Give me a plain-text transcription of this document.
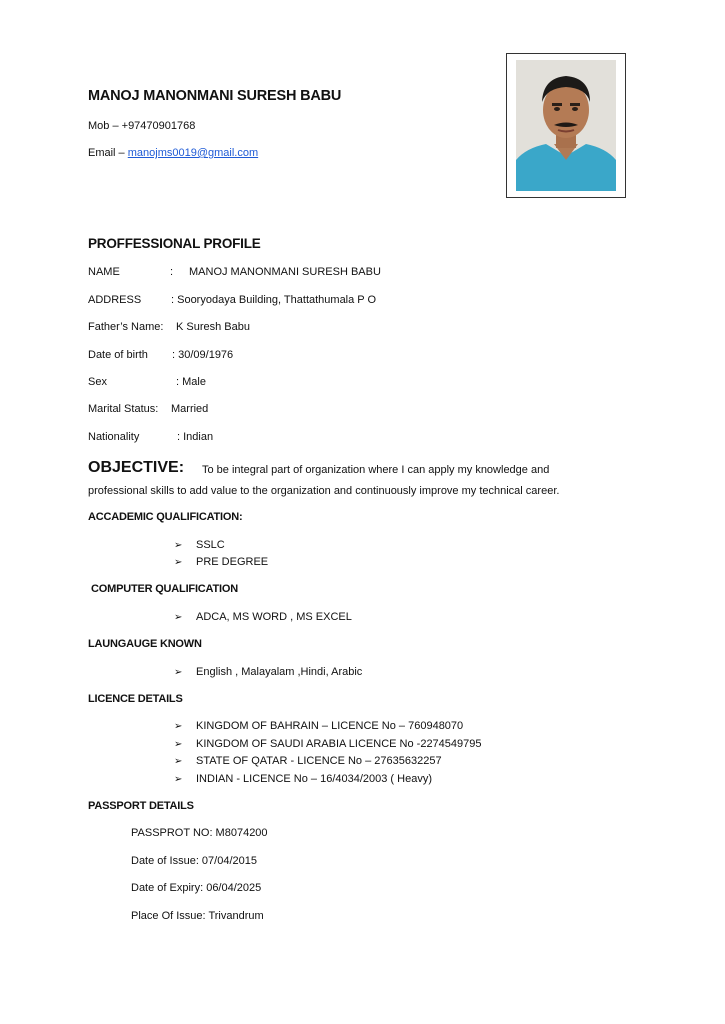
MANOJ MANONMANI SURESH BABU
Mob – +97470901768
Email – manojms0019@gmail.com
PROFFESSIONAL PROFILE
NAME	: MANOJ MANONMANI SURESH BABU
ADDRESS	: Sooryodaya Building, Thattathumala P O
Father’s Name: K Suresh Babu
Date of birth : 30/09/1976
Sex	: Male
Marital Status: Married
Nationality	: Indian
OBJECTIVE: To be integral part of organization where I can apply my knowledge and
professional skills to add value to the organization and continuously improve my technical career.
ACCADEMIC QUALIFICATION:
➢ SSLC
➢ PRE DEGREE
COMPUTER QUALIFICATION
➢ ADCA, MS WORD , MS EXCEL
LAUNGAUGE KNOWN
➢ English , Malayalam ,Hindi, Arabic
LICENCE DETAILS
➢ KINGDOM OF BAHRAIN – LICENCE No – 760948070
➢ KINGDOM OF SAUDI ARABIA LICENCE No -2274549795
➢ STATE OF QATAR - LICENCE No – 27635632257
➢ INDIAN - LICENCE No – 16/4034/2003 ( Heavy)
PASSPORT DETAILS
PASSPROT NO: M8074200
Date of Issue: 07/04/2015
Date of Expiry: 06/04/2025
Place Of Issue: Trivandrum
